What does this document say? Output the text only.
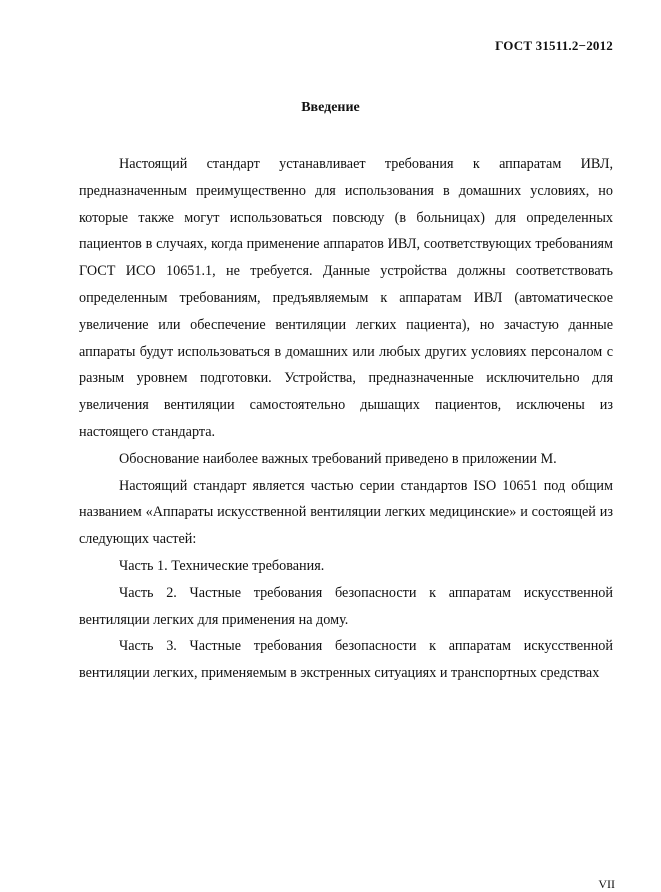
ГОСТ 31511.2−2012
Введение

Настоящий стандарт устанавливает требования к аппаратам ИВЛ, предназначенным преимущественно для использования в домашних условиях, но которые также могут использоваться повсюду (в больницах) для определенных пациентов в случаях, когда применение аппаратов ИВЛ, соответствующих требованиям ГОСТ ИСО 10651.1, не требуется. Данные устройства должны соответствовать определенным требованиям, предъявляемым к аппаратам ИВЛ (автоматическое увеличение или обеспечение вентиляции легких пациента), но зачастую данные аппараты будут использоваться в домашних или любых других условиях персоналом с разным уровнем подготовки. Устройства, предназначенные исключительно для увеличения вентиляции самостоятельно дышащих пациентов, исключены из настоящего стандарта.

Обоснование наиболее важных требований приведено в приложении М.

Настоящий стандарт является частью серии стандартов ISO 10651 под общим названием «Аппараты искусственной вентиляции легких медицинские» и состоящей из следующих частей:

Часть 1. Технические требования.

Часть 2. Частные требования безопасности к аппаратам искусственной вентиляции легких для применения на дому.

Часть 3. Частные требования безопасности к аппаратам искусственной вентиляции легких, применяемым в экстренных ситуациях и транспортных средствах

VII
